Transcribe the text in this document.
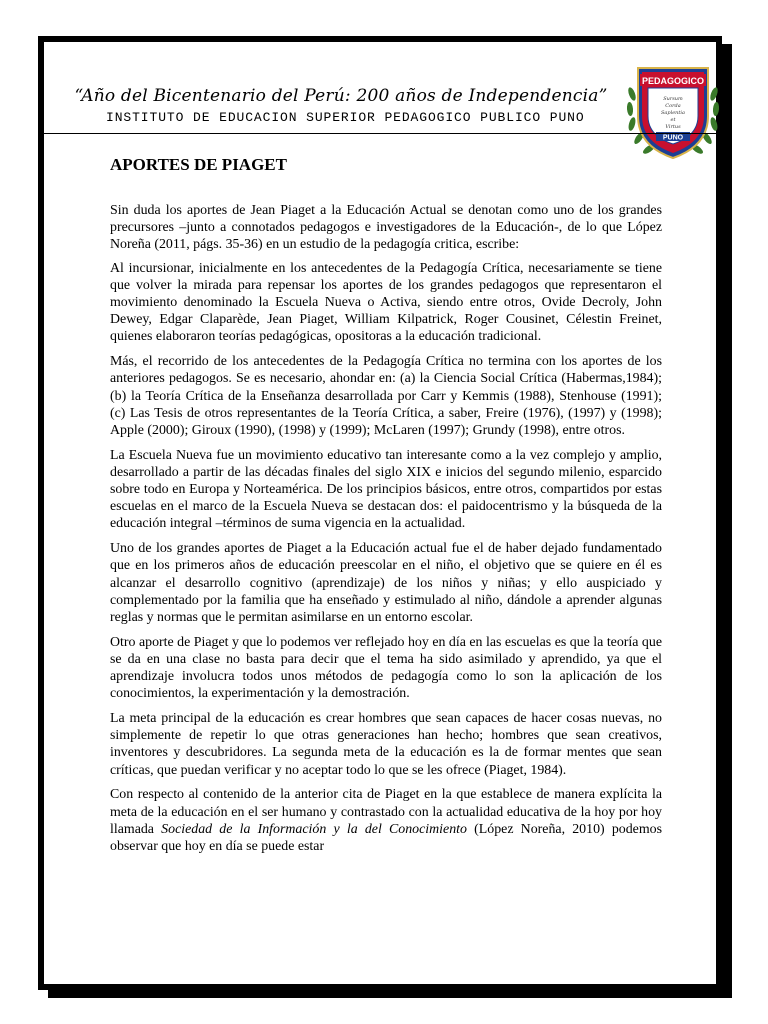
“Año del Bicentenario del Perú: 200 años de Independencia”
INSTITUTO DE EDUCACION SUPERIOR PEDAGOGICO PUBLICO PUNO
PEDAGOGICO
Sursum
Corda
Saplentia
et
Virtus
PUNO
APORTES DE PIAGET

Sin duda los aportes de Jean Piaget a la Educación Actual se denotan como uno de los grandes precursores –junto a connotados pedagogos e investigadores de la Educación-, de lo que López Noreña (2011, págs. 35-36) en un estudio de la pedagogía critica, escribe:

Al incursionar, inicialmente en los antecedentes de la Pedagogía Crítica, necesariamente se tiene que volver la mirada para repensar los aportes de los grandes pedagogos que representaron el movimiento denominado la Escuela Nueva o Activa, siendo entre otros, Ovide Decroly, John Dewey, Edgar Claparède, Jean Piaget, William Kilpatrick, Roger Cousinet, Célestin Freinet, quienes elaboraron teorías pedagógicas, opositoras a la educación tradicional.

Más, el recorrido de los antecedentes de la Pedagogía Crítica no termina con los aportes de los anteriores pedagogos. Se es necesario, ahondar en: (a) la Ciencia Social Crítica (Habermas,1984); (b) la Teoría Crítica de la Enseñanza desarrollada por Carr y Kemmis (1988), Stenhouse (1991); (c) Las Tesis de otros representantes de la Teoría Crítica, a saber, Freire (1976), (1997) y (1998); Apple (2000); Giroux (1990), (1998) y (1999); McLaren (1997); Grundy (1998), entre otros.

La Escuela Nueva fue un movimiento educativo tan interesante como a la vez complejo y amplio, desarrollado a partir de las décadas finales del siglo XIX e inicios del segundo milenio, esparcido sobre todo en Europa y Norteamérica. De los principios básicos, entre otros, compartidos por estas escuelas en el marco de la Escuela Nueva se destacan dos: el paidocentrismo y la búsqueda de la educación integral –términos de suma vigencia en la actualidad.

Uno de los grandes aportes de Piaget a la Educación actual fue el de haber dejado fundamentado que en los primeros años de educación preescolar en el niño, el objetivo que se quiere en él es alcanzar el desarrollo cognitivo (aprendizaje) de los niños y niñas; y ello auspiciado y complementado por la familia que ha enseñado y estimulado al niño, dándole a aprender algunas reglas y normas que le permitan asimilarse en un entorno escolar.

Otro aporte de Piaget y que lo podemos ver reflejado hoy en día en las escuelas es que la teoría que se da en una clase no basta para decir que el tema ha sido asimilado y aprendido, ya que el aprendizaje involucra todos unos métodos de pedagogía como lo son la aplicación de los conocimientos, la experimentación y la demostración.

La meta principal de la educación es crear hombres que sean capaces de hacer cosas nuevas, no simplemente de repetir lo que otras generaciones han hecho; hombres que sean creativos, inventores y descubridores. La segunda meta de la educación es la de formar mentes que sean críticas, que puedan verificar y no aceptar todo lo que se les ofrece (Piaget, 1984).

Con respecto al contenido de la anterior cita de Piaget en la que establece de manera explícita la meta de la educación en el ser humano y contrastado con la actualidad educativa de la hoy por hoy llamada Sociedad de la Información y la del Conocimiento (López Noreña, 2010) podemos observar que hoy en día se puede estar
